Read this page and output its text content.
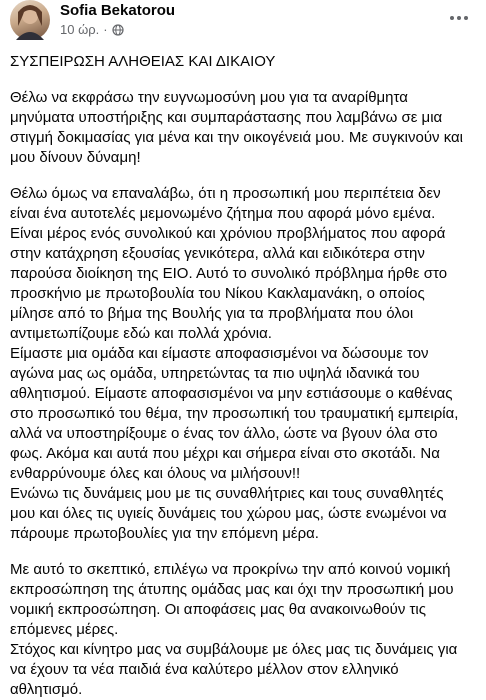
Sofia Bekatorou
10 ώρ. ·

ΣΥΣΠΕΙΡΩΣΗ ΑΛΗΘΕΙΑΣ ΚΑΙ ΔΙΚΑΙΟΥ

Θέλω να εκφράσω την ευγνωμοσύνη μου για τα αναρίθμητα μηνύματα υποστήριξης και συμπαράστασης που λαμβάνω σε μια στιγμή δοκιμασίας για μένα και την οικογένειά μου. Με συγκινούν και μου δίνουν δύναμη!

Θέλω όμως να επαναλάβω, ότι η προσωπική μου περιπέτεια δεν είναι ένα αυτοτελές μεμονωμένο ζήτημα που αφορά μόνο εμένα. Είναι μέρος ενός συνολικού και χρόνιου προβλήματος που αφορά στην κατάχρηση εξουσίας γενικότερα, αλλά και ειδικότερα στην παρούσα διοίκηση της ΕΙΟ. Αυτό το συνολικό πρόβλημα ήρθε στο προσκήνιο με πρωτοβουλία του Νίκου Κακλαμανάκη, ο οποίος μίλησε από το βήμα της Βουλής για τα προβλήματα που όλοι αντιμετωπίζουμε εδώ και πολλά χρόνια.

Είμαστε μια ομάδα και είμαστε αποφασισμένοι να δώσουμε τον αγώνα μας ως ομάδα, υπηρετώντας τα πιο υψηλά ιδανικά του αθλητισμού. Είμαστε αποφασισμένοι να μην εστιάσουμε ο καθένας στο προσωπικό του θέμα, την προσωπική του τραυματική εμπειρία, αλλά να υποστηρίξουμε ο ένας τον άλλο, ώστε να βγουν όλα στο φως. Ακόμα και αυτά που μέχρι και σήμερα είναι στο σκοτάδι. Να ενθαρρύνουμε όλες και όλους να μιλήσουν!!

Ενώνω τις δυνάμεις μου με τις συναθλήτριες και τους συναθλητές μου και όλες τις υγιείς δυνάμεις του χώρου μας, ώστε ενωμένοι να πάρουμε πρωτοβουλίες για την επόμενη μέρα.

Με αυτό το σκεπτικό, επιλέγω να προκρίνω την από κοινού νομική εκπροσώπηση της άτυπης ομάδας μας και όχι την προσωπική μου νομική εκπροσώπηση. Οι αποφάσεις μας θα ανακοινωθούν τις επόμενες μέρες.

Στόχος και κίνητρο μας να συμβάλουμε με όλες μας τις δυνάμεις για να έχουν τα νέα παιδιά ένα καλύτερο μέλλον στον ελληνικό αθλητισμό.
